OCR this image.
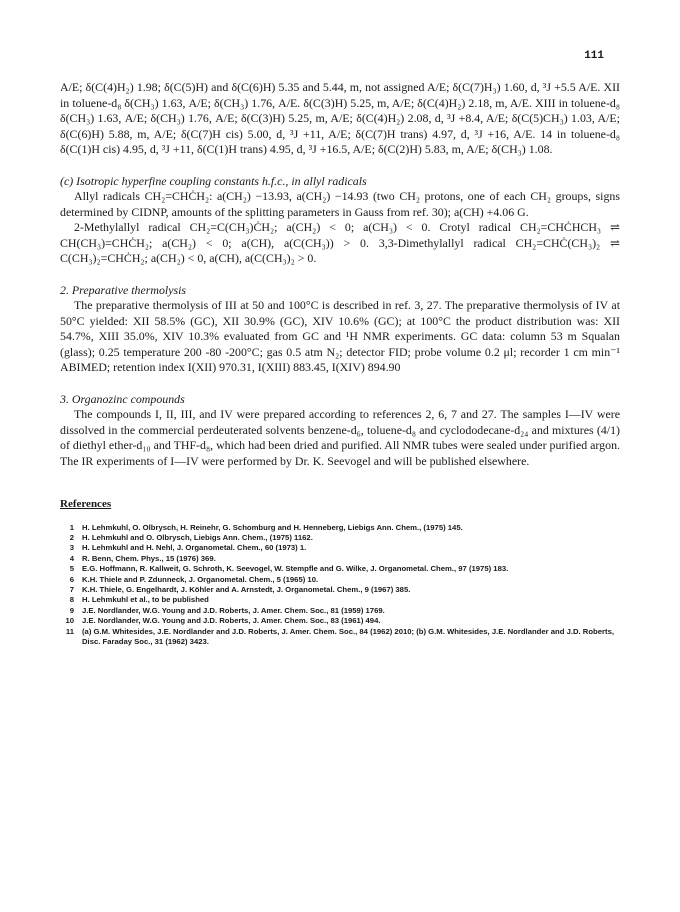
111

A/E; δ(C(4)H₂) 1.98; δ(C(5)H) and δ(C(6)H) 5.35 and 5.44, m, not assigned A/E; δ(C(7)H₃) 1.60, d, ³J +5.5 A/E. XII in toluene-d₈ δ(CH₃) 1.63, A/E; δ(CH₃) 1.76, A/E. δ(C(3)H) 5.25, m, A/E; δ(C(4)H₂) 2.18, m, A/E. XIII in toluene-d₈ δ(CH₃) 1.63, A/E; δ(CH₃) 1.76, A/E; δ(C(3)H) 5.25, m, A/E; δ(C(4)H₂) 2.08, d, ³J +8.4, A/E; δ(C(5)CH₃) 1.03, A/E; δ(C(6)H) 5.88, m, A/E; δ(C(7)H cis) 5.00, d, ³J +11, A/E; δ(C(7)H trans) 4.97, d, ³J +16, A/E. 14 in toluene-d₈ δ(C(1)H cis) 4.95, d, ³J +11, δ(C(1)H trans) 4.95, d, ³J +16.5, A/E; δ(C(2)H) 5.83, m, A/E; δ(CH₃) 1.08.

(c) Isotropic hyperfine coupling constants h.f.c., in allyl radicals

Allyl radicals CH₂=CHĊH₂: a(CH₂) −13.93, a(CH₂) −14.93 (two CH₂ protons, one of each CH₂ groups, signs determined by CIDNP, amounts of the splitting parameters in Gauss from ref. 30); a(CH) +4.06 G.

2-Methylallyl radical CH₂=C(CH₃)ĊH₂; a(CH₂) < 0; a(CH₃) < 0. Crotyl radical CH₂=CHĊHCH₃ ⇌ CH(CH₃)=CHĊH₂; a(CH₂) < 0; a(CH), a(C(CH₃)) > 0. 3,3-Dimethylallyl radical CH₂=CHĊ(CH₃)₂ ⇌ C(CH₃)₂=CHĊH₂; a(CH₂) < 0, a(CH), a(C(CH₃)₂ > 0.

2. Preparative thermolysis

The preparative thermolysis of III at 50 and 100°C is described in ref. 3, 27. The preparative thermolysis of IV at 50°C yielded: XII 58.5% (GC), XII 30.9% (GC), XIV 10.6% (GC); at 100°C the product distribution was: XII 54.7%, XIII 35.0%, XIV 10.3% evaluated from GC and ¹H NMR experiments. GC data: column 53 m Squalan (glass); 0.25 temperature 200 -80 -200°C; gas 0.5 atm N₂; detector FID; probe volume 0.2 μl; recorder 1 cm min⁻¹ ABIMED; retention index I(XII) 970.31, I(XIII) 883.45, I(XIV) 894.90

3. Organozinc compounds

The compounds I, II, III, and IV were prepared according to references 2, 6, 7 and 27. The samples I—IV were dissolved in the commercial perdeuterated solvents benzene-d₆, toluene-d₈ and cyclododecane-d₂₄ and mixtures (4/1) of diethyl ether-d₁₀ and THF-d₈, which had been dried and purified. All NMR tubes were sealed under purified argon. The IR experiments of I—IV were performed by Dr. K. Seevogel and will be published elsewhere.

References

1 H. Lehmkuhl, O. Olbrysch, H. Reinehr, G. Schomburg and H. Henneberg, Liebigs Ann. Chem., (1975) 145.
2 H. Lehmkuhl and O. Olbrysch, Liebigs Ann. Chem., (1975) 1162.
3 H. Lehmkuhl and H. Nehl, J. Organometal. Chem., 60 (1973) 1.
4 R. Benn, Chem. Phys., 15 (1976) 369.
5 E.G. Hoffmann, R. Kallweit, G. Schroth, K. Seevogel, W. Stempfle and G. Wilke, J. Organometal. Chem., 97 (1975) 183.
6 K.H. Thiele and P. Zdunneck, J. Organometal. Chem., 5 (1965) 10.
7 K.H. Thiele, G. Engelhardt, J. Köhler and A. Arnstedt, J. Organometal. Chem., 9 (1967) 385.
8 H. Lehmkuhl et al., to be published
9 J.E. Nordlander, W.G. Young and J.D. Roberts, J. Amer. Chem. Soc., 81 (1959) 1769.
10 J.E. Nordlander, W.G. Young and J.D. Roberts, J. Amer. Chem. Soc., 83 (1961) 494.
11 (a) G.M. Whitesides, J.E. Nordlander and J.D. Roberts, J. Amer. Chem. Soc., 84 (1962) 2010; (b) G.M. Whitesides, J.E. Nordlander and J.D. Roberts, Disc. Faraday Soc., 31 (1962) 3423.
